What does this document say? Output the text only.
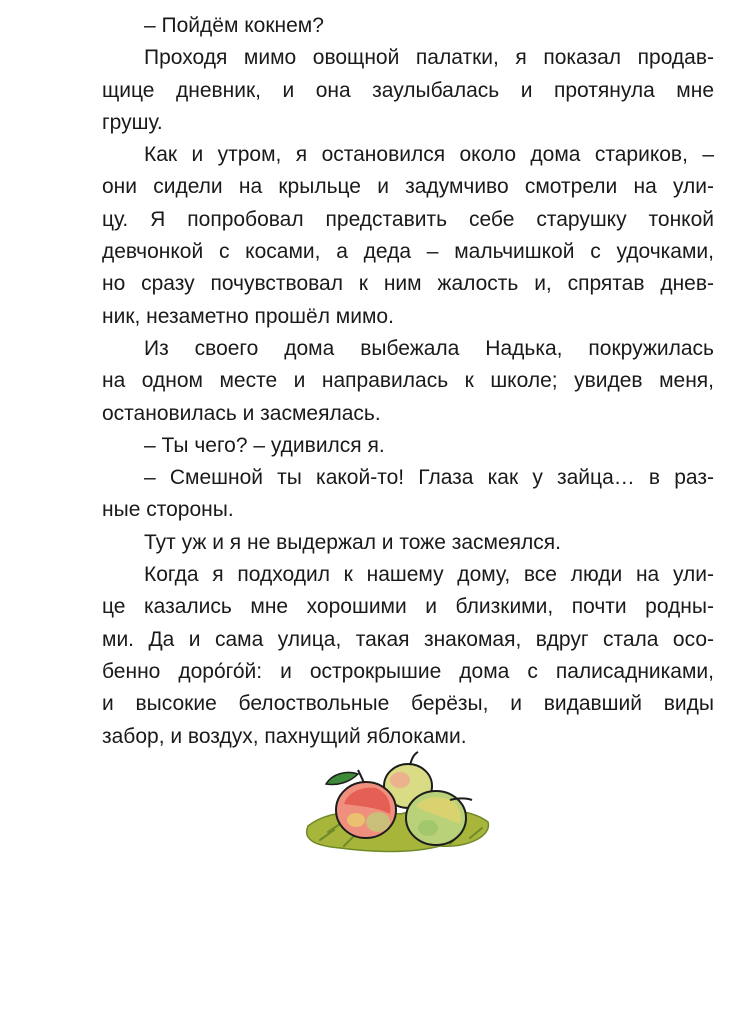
– Пойдём кокнем?
Проходя мимо овощной палатки, я показал продав-
щице дневник, и она заулыбалась и протянула мне
грушу.
Как и утром, я остановился около дома стариков, –
они сидели на крыльце и задумчиво смотрели на ули-
цу. Я попробовал представить себе старушку тонкой
девчонкой с косами, а деда – мальчишкой с удочками,
но сразу почувствовал к ним жалость и, спрятав днев-
ник, незаметно прошёл мимо.
Из своего дома выбежала Надька, покружилась
на одном месте и направилась к школе; увидев меня,
остановилась и засмеялась.
– Ты чего? – удивился я.
– Смешной ты какой-то! Глаза как у зайца… в раз-
ные стороны.
Тут уж и я не выдержал и тоже засмеялся.
Когда я подходил к нашему дому, все люди на ули-
це казались мне хорошими и близкими, почти родны-
ми. Да и сама улица, такая знакомая, вдруг стала осо-
бенно доро́го́й: и острокрышие дома с палисадниками,
и высокие белоствольные берёзы, и видавший виды
забор, и воздух, пахнущий яблоками.
